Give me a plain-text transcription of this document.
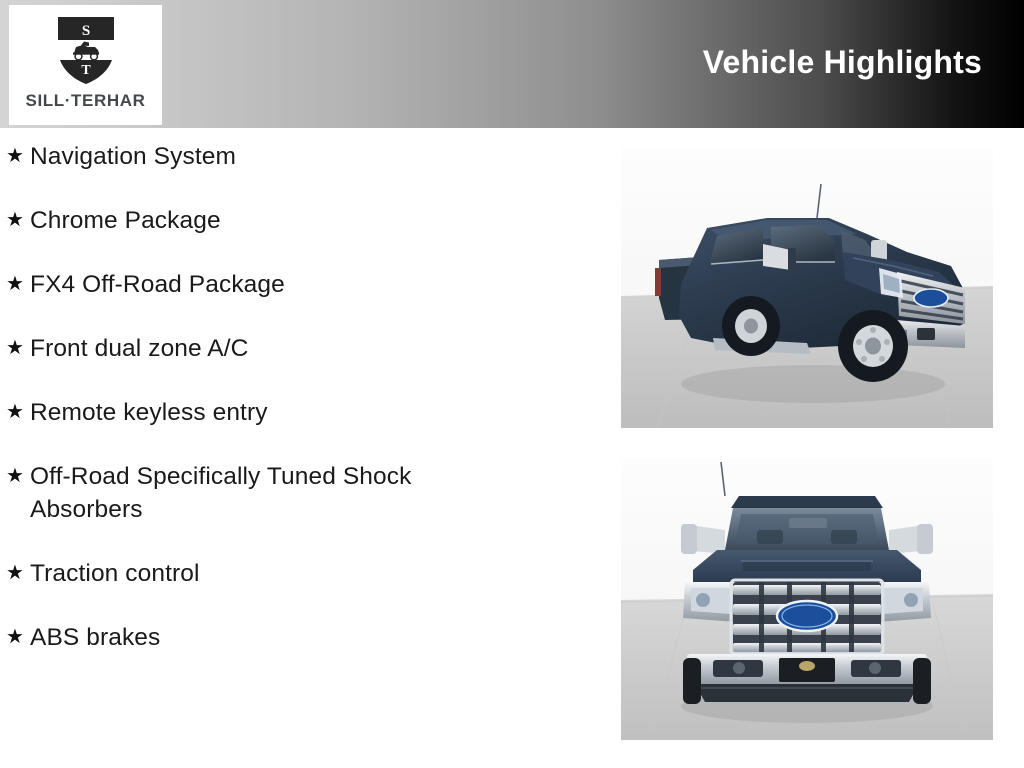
Vehicle Highlights
S
T
SILL·TERHAR
★ Navigation System
★ Chrome Package
★ FX4 Off-Road Package
★ Front dual zone A/C
★ Remote keyless entry
★ Off-Road Specifically Tuned Shock Absorbers
★ Traction control
★ ABS brakes
